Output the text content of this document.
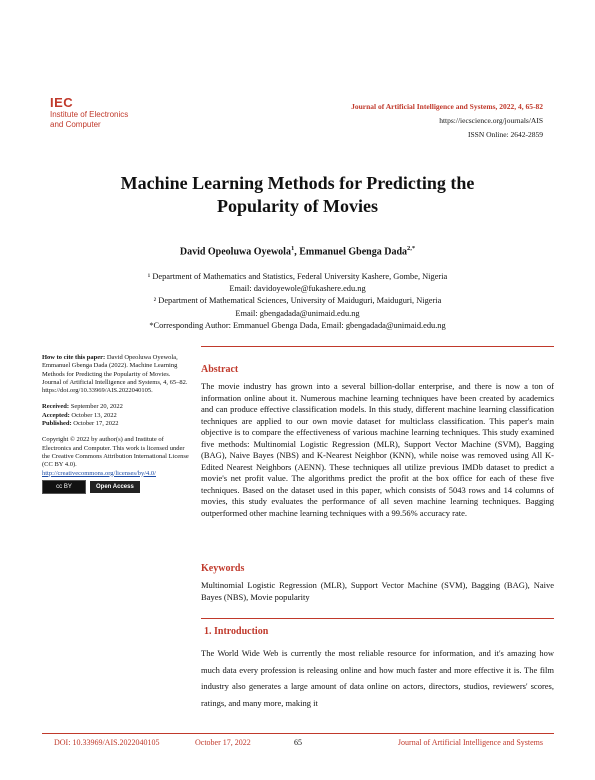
IEC
Institute of Electronics
and Computer
Journal of Artificial Intelligence and Systems, 2022, 4, 65-82
https://iecscience.org/journals/AIS
ISSN Online: 2642-2859
Machine Learning Methods for Predicting the
Popularity of Movies
David Opeoluwa Oyewola$^1$, Emmanuel Gbenga Dada$^{2,*}$
¹ Department of Mathematics and Statistics, Federal University Kashere, Gombe, Nigeria
Email: davidoyewole@fukashere.edu.ng
² Department of Mathematical Sciences, University of Maiduguri, Maiduguri, Nigeria
Email: gbengadada@unimaid.edu.ng
*Corresponding Author: Emmanuel Gbenga Dada, Email: gbengadada@unimaid.edu.ng

How to cite this paper: David Opeoluwa Oyewola, Emmanuel Gbenga Dada (2022). Machine Learning Methods for Predicting the Popularity of Movies. Journal of Artificial Intelligence and Systems, 4, 65–82. https://doi.org/10.33969/AIS.2022040105.

Received: September 20, 2022
Accepted: October 13, 2022
Published: October 17, 2022

Copyright © 2022 by author(s) and Institute of Electronics and Computer. This work is licensed under the Creative Commons Attribution International License (CC BY 4.0).

http://creativecommons.org/licenses/by/4.0/
cc BY	Open Access
Abstract
The movie industry has grown into a several billion-dollar enterprise, and there is now a ton of information online about it. Numerous machine learning techniques have been created by academics and can produce effective classification models. In this study, different machine learning classification techniques are applied to our own movie dataset for multiclass classification. This paper's main objective is to compare the effectiveness of various machine learning techniques. This study examined five methods: Multinomial Logistic Regression (MLR), Support Vector Machine (SVM), Bagging (BAG), Naive Bayes (NBS) and K-Nearest Neighbor (KNN), while noise was removed using All K-Edited Nearest Neighbors (AENN). These techniques all utilize previous IMDb dataset to predict a movie's net profit value. The algorithms predict the profit at the box office for each of these five techniques. Based on the dataset used in this paper, which consists of 5043 rows and 14 columns of movies, this study evaluates the performance of all seven machine learning techniques. Bagging outperformed other machine learning techniques with a 99.56% accuracy rate.
Keywords
Multinomial Logistic Regression (MLR), Support Vector Machine (SVM), Bagging (BAG), Naive Bayes (NBS), Movie popularity
1. Introduction
The World Wide Web is currently the most reliable resource for information, and it's amazing how much data every profession is releasing online and how much faster and more effective it is. The film industry also generates a large amount of data online on actors, directors, studios, reviewers' scores, ratings, and many more, making it
DOI: 10.33969/AIS.2022040105	October 17, 2022	65	Journal of Artificial Intelligence and Systems
